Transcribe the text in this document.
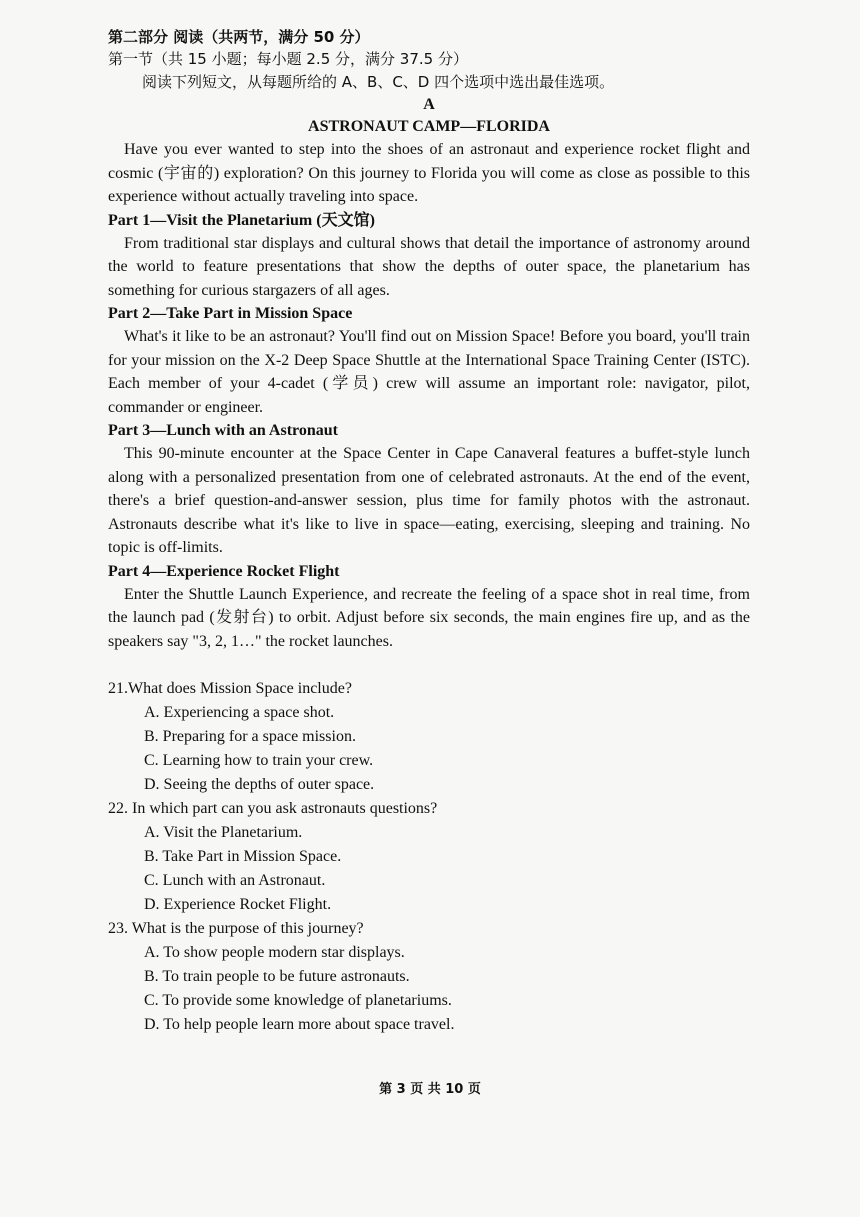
第二部分 阅读（共两节，满分 50 分）
第一节（共 15 小题；每小题 2.5 分，满分 37.5 分）
阅读下列短文，从每题所给的 A、B、C、D 四个选项中选出最佳选项。
A
ASTRONAUT CAMP—FLORIDA

Have you ever wanted to step into the shoes of an astronaut and experience rocket flight and cosmic (宇宙的) exploration? On this journey to Florida you will come as close as possible to this experience without actually traveling into space.

Part 1—Visit the Planetarium (天文馆)

From traditional star displays and cultural shows that detail the importance of astronomy around the world to feature presentations that show the depths of outer space, the planetarium has something for curious stargazers of all ages.

Part 2—Take Part in Mission Space

What's it like to be an astronaut? You'll find out on Mission Space! Before you board, you'll train for your mission on the X-2 Deep Space Shuttle at the International Space Training Center (ISTC). Each member of your 4-cadet (学员) crew will assume an important role: navigator, pilot, commander or engineer.

Part 3—Lunch with an Astronaut

This 90-minute encounter at the Space Center in Cape Canaveral features a buffet-style lunch along with a personalized presentation from one of celebrated astronauts. At the end of the event, there's a brief question-and-answer session, plus time for family photos with the astronaut. Astronauts describe what it's like to live in space—eating, exercising, sleeping and training. No topic is off-limits.

Part 4—Experience Rocket Flight

Enter the Shuttle Launch Experience, and recreate the feeling of a space shot in real time, from the launch pad (发射台) to orbit. Adjust before six seconds, the main engines fire up, and as the speakers say "3, 2, 1…" the rocket launches.

21.What does Mission Space include?
A. Experiencing a space shot.
B. Preparing for a space mission.
C. Learning how to train your crew.
D. Seeing the depths of outer space.
22. In which part can you ask astronauts questions?
A. Visit the Planetarium.
B. Take Part in Mission Space.
C. Lunch with an Astronaut.
D. Experience Rocket Flight.
23. What is the purpose of this journey?
A. To show people modern star displays.
B. To train people to be future astronauts.
C. To provide some knowledge of planetariums.
D. To help people learn more about space travel.
第 3 页 共 10 页
